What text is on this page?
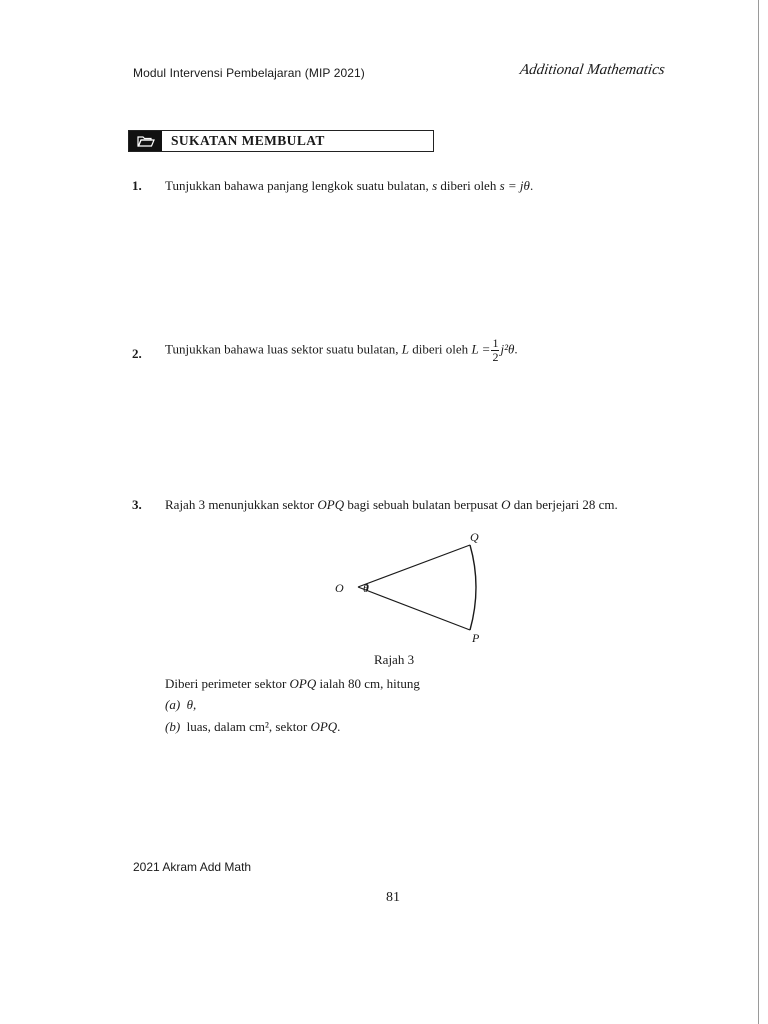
Modul Intervensi Pembelajaran (MIP 2021)	Additional Mathematics
SUKATAN MEMBULAT
1. Tunjukkan bahawa panjang lengkok suatu bulatan, s diberi oleh s = jθ.
2. Tunjukkan bahawa luas sektor suatu bulatan, L diberi oleh $L = \frac{1}{2} j^2\theta$.
3. Rajah 3 menunjukkan sektor OPQ bagi sebuah bulatan berpusat O dan berjejari 28 cm.
O θ
Q
P
Rajah 3
Diberi perimeter sektor OPQ ialah 80 cm, hitung
(a) θ,
(b) luas, dalam cm², sektor OPQ.
2021 Akram Add Math
81
